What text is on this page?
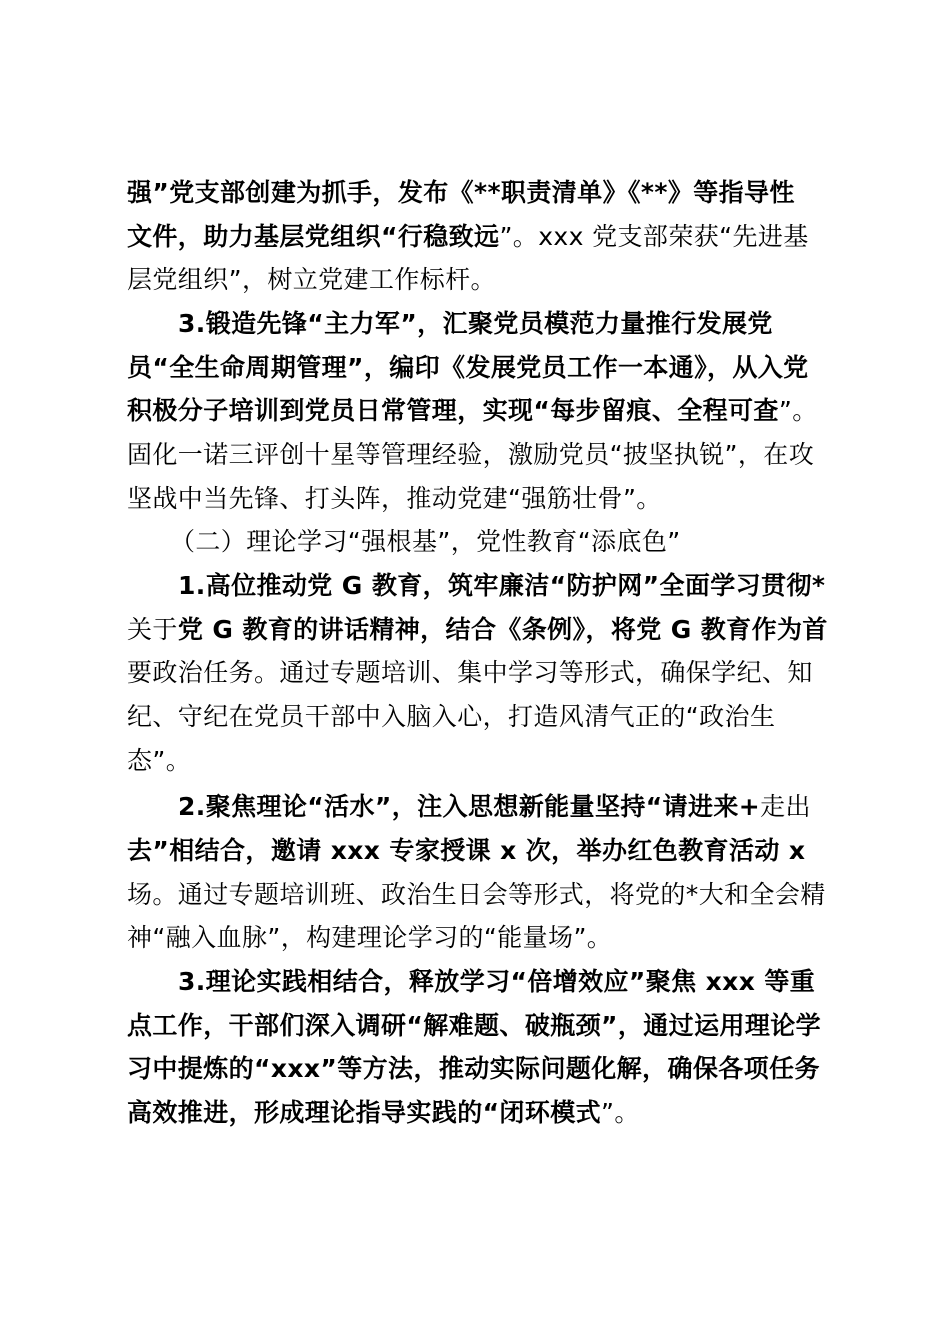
强”党支部创建为抓手，发布《**职责清单》《**》等指导性
文件，助力基层党组织“行稳致远”。xxx 党支部荣获“先进基
层党组织”，树立党建工作标杆。
3.锻造先锋“主力军”，汇聚党员模范力量推行发展党
员“全生命周期管理”，编印《发展党员工作一本通》，从入党
积极分子培训到党员日常管理，实现“每步留痕、全程可查”。
固化一诺三评创十星等管理经验，激励党员“披坚执锐”，在攻
坚战中当先锋、打头阵，推动党建“强筋壮骨”。
（二）理论学习“强根基”，党性教育“添底色”
1.高位推动党 G 教育，筑牢廉洁“防护网”全面学习贯彻*
关于党 G 教育的讲话精神，结合《条例》，将党 G 教育作为首
要政治任务。通过专题培训、集中学习等形式，确保学纪、知
纪、守纪在党员干部中入脑入心，打造风清气正的“政治生
态”。
2.聚焦理论“活水”，注入思想新能量坚持“请进来+走出
去”相结合，邀请 xxx 专家授课 x 次，举办红色教育活动 x
场。通过专题培训班、政治生日会等形式，将党的*大和全会精
神“融入血脉”，构建理论学习的“能量场”。
3.理论实践相结合，释放学习“倍增效应”聚焦 xxx 等重
点工作，干部们深入调研“解难题、破瓶颈”，通过运用理论学
习中提炼的“xxx”等方法，推动实际问题化解，确保各项任务
高效推进，形成理论指导实践的“闭环模式”。
